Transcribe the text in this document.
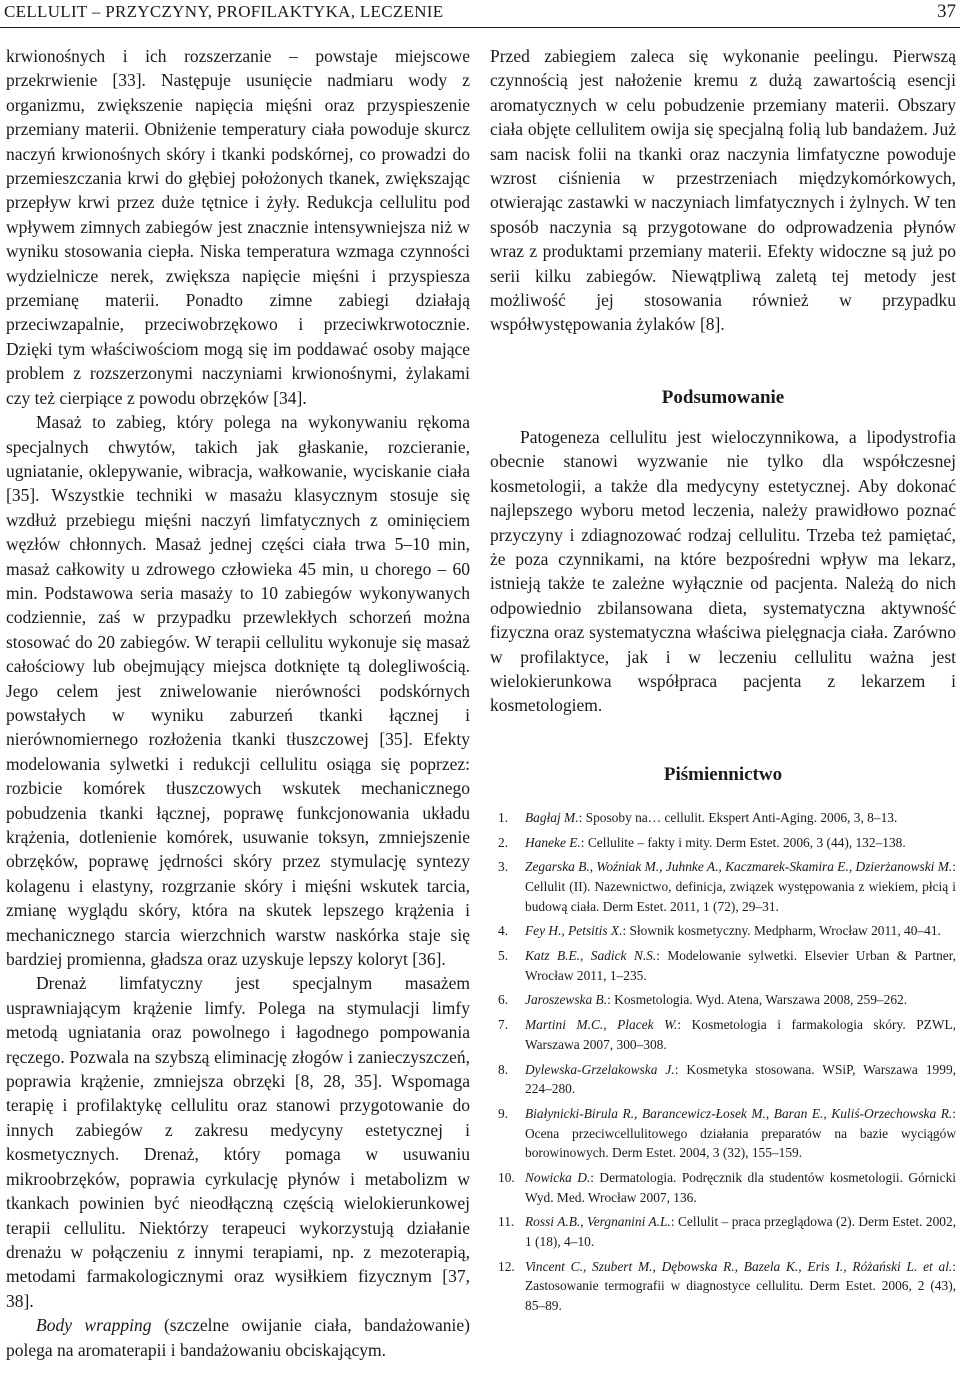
CELLULIT – PRZYCZYNY, PROFILAKTYKA, LECZENIE	37

krwionośnych i ich rozszerzanie – powstaje miejscowe przekrwienie [33]. Następuje usunięcie nadmiaru wody z organizmu, zwiększenie napięcia mięśni oraz przyspieszenie przemiany materii. Obniżenie temperatury ciała powoduje skurcz naczyń krwionośnych skóry i tkanki podskórnej, co prowadzi do przemieszczania krwi do głębiej położonych tkanek, zwiększając przepływ krwi przez duże tętnice i żyły. Redukcja cellulitu pod wpływem zimnych zabiegów jest znacznie intensywniejsza niż w wyniku stosowania ciepła. Niska temperatura wzmaga czynności wydzielnicze nerek, zwiększa napięcie mięśni i przyspiesza przemianę materii. Ponadto zimne zabiegi działają przeciwzapalnie, przeciwobrzękowo i przeciwkrwotocznie. Dzięki tym właściwościom mogą się im poddawać osoby mające problem z rozszerzonymi naczyniami krwionośnymi, żylakami czy też cierpiące z powodu obrzęków [34].

Masaż to zabieg, który polega na wykonywaniu rękoma specjalnych chwytów, takich jak głaskanie, rozcieranie, ugniatanie, oklepywanie, wibracja, wałkowanie, wyciskanie ciała [35]. Wszystkie techniki w masażu klasycznym stosuje się wzdłuż przebiegu mięśni naczyń limfatycznych z ominięciem węzłów chłonnych. Masaż jednej części ciała trwa 5–10 min, masaż całkowity u zdrowego człowieka 45 min, u chorego – 60 min. Podstawowa seria masaży to 10 zabiegów wykonywanych codziennie, zaś w przypadku przewlekłych schorzeń można stosować do 20 zabiegów. W terapii cellulitu wykonuje się masaż całościowy lub obejmujący miejsca dotknięte tą dolegliwością. Jego celem jest zniwelowanie nierówności podskórnych powstałych w wyniku zaburzeń tkanki łącznej i nierównomiernego rozłożenia tkanki tłuszczowej [35]. Efekty modelowania sylwetki i redukcji cellulitu osiąga się poprzez: rozbicie komórek tłuszczowych wskutek mechanicznego pobudzenia tkanki łącznej, poprawę funkcjonowania układu krążenia, dotlenienie komórek, usuwanie toksyn, zmniejszenie obrzęków, poprawę jędrności skóry przez stymulację syntezy kolagenu i elastyny, rozgrzanie skóry i mięśni wskutek tarcia, zmianę wyglądu skóry, która na skutek lepszego krążenia i mechanicznego starcia wierzchnich warstw naskórka staje się bardziej promienna, gładsza oraz uzyskuje lepszy koloryt [36].

Drenaż limfatyczny jest specjalnym masażem usprawniającym krążenie limfy. Polega na stymulacji limfy metodą ugniatania oraz powolnego i łagodnego pompowania ręczego. Pozwala na szybszą eliminację złogów i zanieczyszczeń, poprawia krążenie, zmniejsza obrzęki [8, 28, 35]. Wspomaga terapię i profilaktykę cellulitu oraz stanowi przygotowanie do innych zabiegów z zakresu medycyny estetycznej i kosmetycznych. Drenaż, który pomaga w usuwaniu mikroobrzęków, poprawia cyrkulację płynów i metabolizm w tkankach powinien być nieodłączną częścią wielokierunkowej terapii cellulitu. Niektórzy terapeuci wykorzystują działanie drenażu w połączeniu z innymi terapiami, np. z mezoterapią, metodami farmakologicznymi oraz wysiłkiem fizycznym [37, 38].

Body wrapping (szczelne owijanie ciała, bandażowanie) polega na aromaterapii i bandażowaniu obciskającym.

Przed zabiegiem zaleca się wykonanie peelingu. Pierwszą czynnością jest nałożenie kremu z dużą zawartością esencji aromatycznych w celu pobudzenie przemiany materii. Obszary ciała objęte cellulitem owija się specjalną folią lub bandażem. Już sam nacisk folii na tkanki oraz naczynia limfatyczne powoduje wzrost ciśnienia w przestrzeniach międzykomórkowych, otwierając zastawki w naczyniach limfatycznych i żylnych. W ten sposób naczynia są przygotowane do odprowadzenia płynów wraz z produktami przemiany materii. Efekty widoczne są już po serii kilku zabiegów. Niewątpliwą zaletą tej metody jest możliwość jej stosowania również w przypadku współwystępowania żylaków [8].

Podsumowanie

Patogeneza cellulitu jest wieloczynnikowa, a lipodystrofia obecnie stanowi wyzwanie nie tylko dla współczesnej kosmetologii, a także dla medycyny estetycznej. Aby dokonać najlepszego wyboru metod leczenia, należy prawidłowo poznać przyczyny i zdiagnozować rodzaj cellulitu. Trzeba też pamiętać, że poza czynnikami, na które bezpośredni wpływ ma lekarz, istnieją także te zależne wyłącznie od pacjenta. Należą do nich odpowiednio zbilansowana dieta, systematyczna aktywność fizyczna oraz systematyczna właściwa pielęgnacja ciała. Zarówno w profilaktyce, jak i w leczeniu cellulitu ważna jest wielokierunkowa współpraca pacjenta z lekarzem i kosmetologiem.

Piśmiennictwo
1. Bagłaj M.: Sposoby na… cellulit. Ekspert Anti-Aging. 2006, 3, 8–13.
2. Haneke E.: Cellulite – fakty i mity. Derm Estet. 2006, 3 (44), 132–138.
3. Zegarska B., Woźniak M., Juhnke A., Kaczmarek-Skamira E., Dzierżanowski M.: Cellulit (II). Nazewnictwo, definicja, związek występowania z wiekiem, płcią i budową ciała. Derm Estet. 2011, 1 (72), 29–31.
4. Fey H., Petsitis X.: Słownik kosmetyczny. Medpharm, Wrocław 2011, 40–41.
5. Katz B.E., Sadick N.S.: Modelowanie sylwetki. Elsevier Urban & Partner, Wrocław 2011, 1–235.
6. Jaroszewska B.: Kosmetologia. Wyd. Atena, Warszawa 2008, 259–262.
7. Martini M.C., Placek W.: Kosmetologia i farmakologia skóry. PZWL, Warszawa 2007, 300–308.
8. Dylewska-Grzelakowska J.: Kosmetyka stosowana. WSiP, Warszawa 1999, 224–280.
9. Białynicki-Birula R., Barancewicz-Łosek M., Baran E., Kuliś-Orzechowska R.: Ocena przeciwcellulitowego działania preparatów na bazie wyciągów borowinowych. Derm Estet. 2004, 3 (32), 155–159.
10. Nowicka D.: Dermatologia. Podręcznik dla studentów kosmetologii. Górnicki Wyd. Med. Wrocław 2007, 136.
11. Rossi A.B., Vergnanini A.L.: Cellulit – praca przeglądowa (2). Derm Estet. 2002, 1 (18), 4–10.
12. Vincent C., Szubert M., Dębowska R., Bazela K., Eris I., Różański L. et al.: Zastosowanie termografii w diagnostyce cellulitu. Derm Estet. 2006, 2 (43), 85–89.
